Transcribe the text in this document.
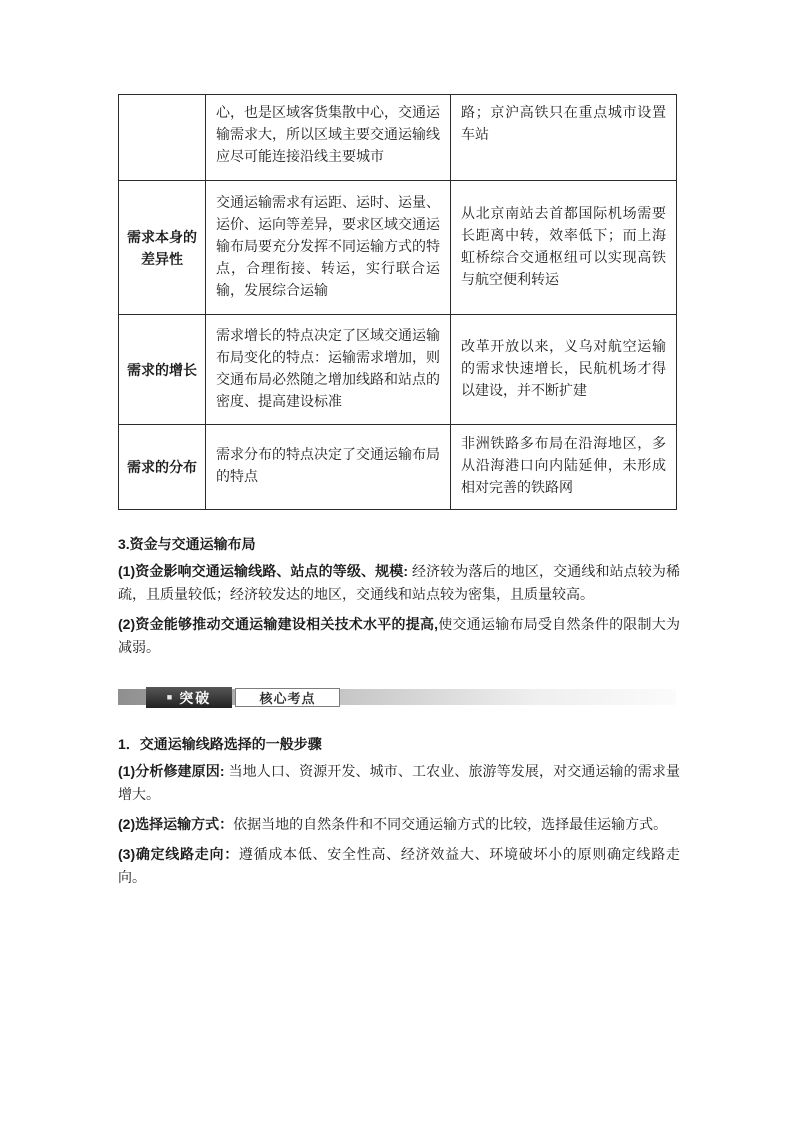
	心，也是区域客货集散中心，交通运输需求大，所以区域主要交通运输线应尽可能连接沿线主要城市	路；京沪高铁只在重点城市设置车站
需求本身的差异性	交通运输需求有运距、运时、运量、运价、运向等差异，要求区域交通运输布局要充分发挥不同运输方式的特点，合理衔接、转运，实行联合运输，发展综合运输	从北京南站去首都国际机场需要长距离中转，效率低下；而上海虹桥综合交通枢纽可以实现高铁与航空便利转运
需求的增长	需求增长的特点决定了区域交通运输布局变化的特点：运输需求增加，则交通布局必然随之增加线路和站点的密度、提高建设标准	改革开放以来，义乌对航空运输的需求快速增长，民航机场才得以建设，并不断扩建
需求的分布	需求分布的特点决定了交通运输布局的特点	非洲铁路多布局在沿海地区，多从沿海港口向内陆延伸，未形成相对完善的铁路网
3.资金与交通运输布局

(1)资金影响交通运输线路、站点的等级、规模: 经济较为落后的地区，交通线和站点较为稀疏，且质量较低；经济较发达的地区，交通线和站点较为密集，且质量较高。

(2)资金能够推动交通运输建设相关技术水平的提高,使交通运输布局受自然条件的限制大为减弱。

■ 突破	核心考点
1．交通运输线路选择的一般步骤

(1)分析修建原因: 当地人口、资源开发、城市、工农业、旅游等发展，对交通运输的需求量增大。

(2)选择运输方式：依据当地的自然条件和不同交通运输方式的比较，选择最佳运输方式。

(3)确定线路走向：遵循成本低、安全性高、经济效益大、环境破坏小的原则确定线路走向。
